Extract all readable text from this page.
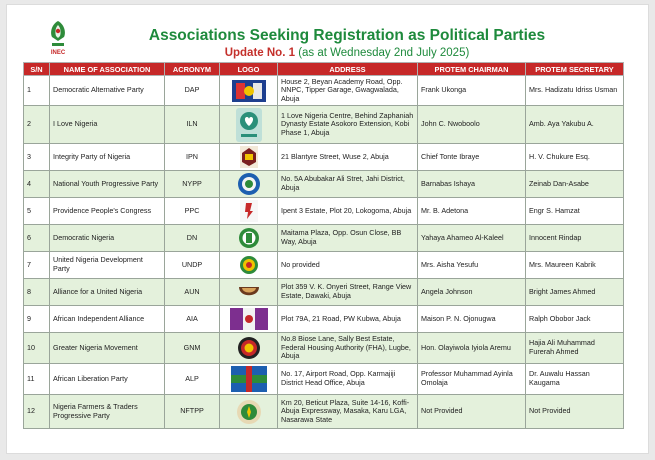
INEC
Associations Seeking Registration as Political Parties
Update No. 1 (as at Wednesday 2nd July 2025)
S/N	NAME OF ASSOCIATION	ACRONYM	LOGO	ADDRESS	PROTEM CHAIRMAN	PROTEM SECRETARY
1	Democratic Alternative Party	DAP		House 2, Beyan Academy Road, Opp. NNPC, Tipper Garage, Gwagwalada, Abuja	Frank Ukonga	Mrs. Hadizatu Idriss Usman
2	I Love Nigeria	ILN		1 Love Nigeria Centre, Behind Zaphaniah Dynasty Estate Asokoro Extension, Kobi Phase 1, Abuja	John C. Nwoboolo	Amb. Aya Yakubu A.
3	Integrity Party of Nigeria	IPN		21 Blantyre Street, Wuse 2, Abuja	Chief Tonte Ibraye	H. V. Chukure Esq.
4	National Youth Progressive Party	NYPP		No. 5A Abubakar Ali Stret, Jahi District, Abuja	Barnabas Ishaya	Zeinab Dan-Asabe
5	Providence People's Congress	PPC		Ipent 3 Estate, Plot 20, Lokogoma, Abuja	Mr. B. Adetona	Engr S. Hamzat
6	Democratic Nigeria	DN		Maitama Plaza, Opp. Osun Close, BB Way, Abuja	Yahaya Ahameo Al-Kaleel	Innocent Rindap
7	United Nigeria Development Party	UNDP		No provided	Mrs. Aisha Yesufu	Mrs. Maureen Kabrik
8	Alliance for a United Nigeria	AUN		Plot 359 V. K. Onyeri Street, Range View Estate, Dawaki, Abuja	Angela Johnson	Bright James Ahmed
9	African Independent Alliance	AIA		Plot 79A, 21 Road, PW Kubwa, Abuja	Maison P. N. Ojonugwa	Ralph Obobor Jack
10	Greater Nigeria Movement	GNM		No.8 Biose Lane, Sally Best Estate, Federal Housing Authority (FHA), Lugbe, Abuja	Hon. Olayiwola Iyiola Aremu	Hajia Ali Muhammad Furerah Ahmed
11	African Liberation Party	ALP		No. 17, Airport Road, Opp. Karmajiji District Head Office, Abuja	Professor Muhammad Ayinla Omolaja	Dr. Auwalu Hassan Kaugama
12	Nigeria Farmers & Traders Progressive Party	NFTPP		Km 20, Beticut Plaza, Suite 14-16, Koffi-Abuja Expressway, Masaka, Karu LGA, Nasarawa State	Not Provided	Not Provided
